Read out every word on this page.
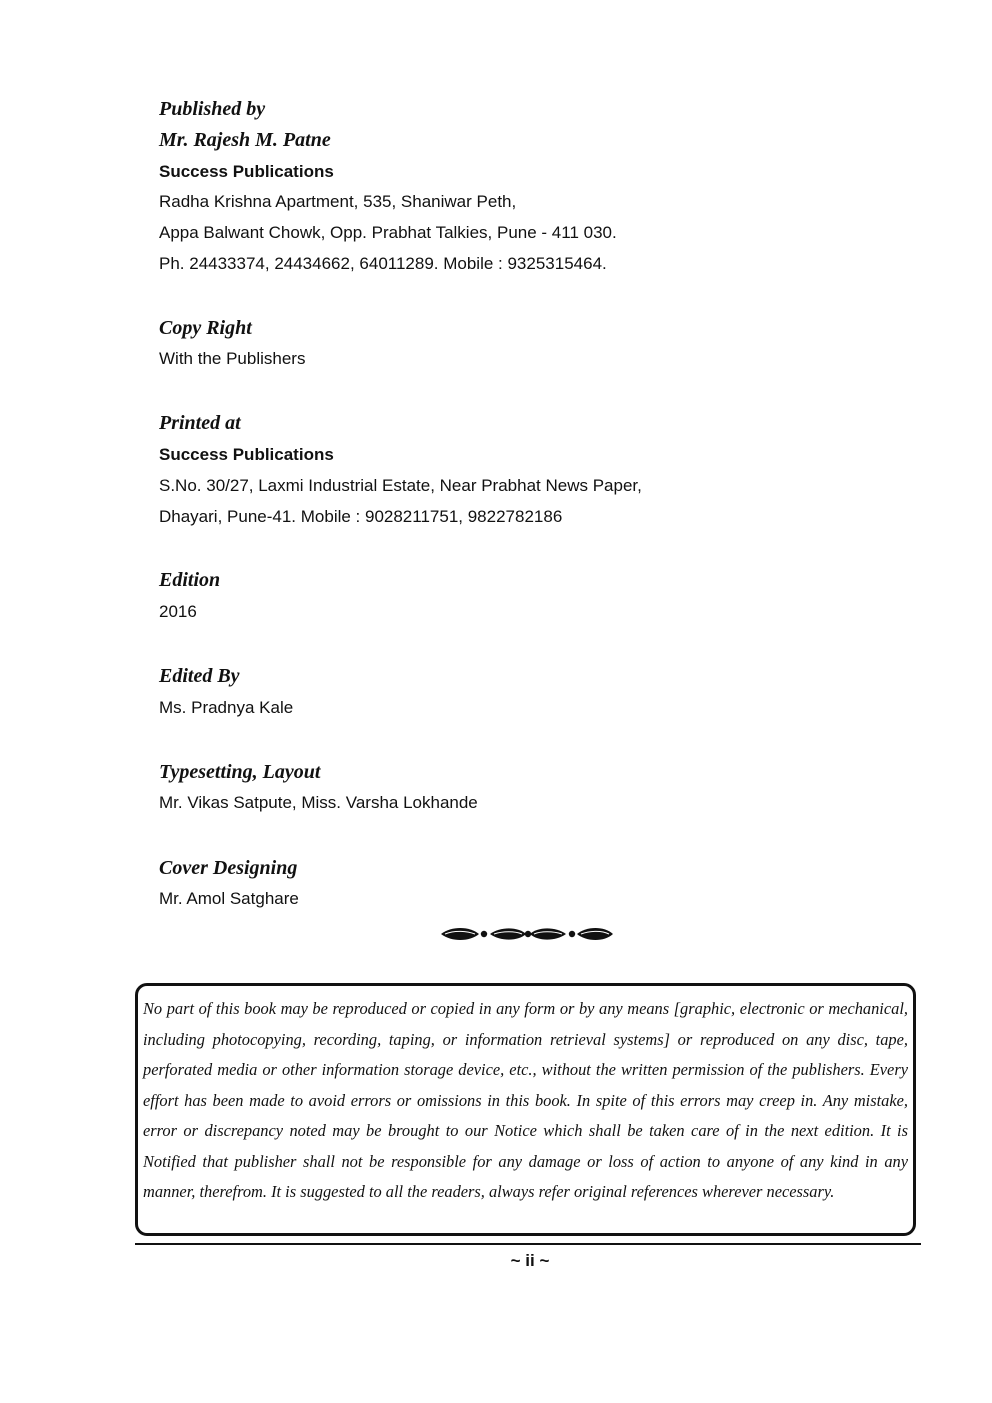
Published by
Mr. Rajesh M. Patne
Success Publications
Radha Krishna Apartment, 535, Shaniwar Peth,
Appa Balwant Chowk, Opp. Prabhat Talkies, Pune - 411 030.
Ph. 24433374, 24434662, 64011289. Mobile : 9325315464.
Copy Right
With the Publishers
Printed at
Success Publications
S.No. 30/27, Laxmi Industrial Estate, Near Prabhat News Paper,
Dhayari, Pune-41. Mobile : 9028211751, 9822782186
Edition
2016
Edited By
Ms. Pradnya Kale
Typesetting, Layout
Mr. Vikas Satpute, Miss. Varsha Lokhande
Cover Designing
Mr. Amol Satghare

No part of this book may be reproduced or copied in any form or by any means [graphic, electronic or mechanical, including photocopying, recording, taping, or information retrieval systems] or reproduced on any disc, tape, perforated media or other information storage device, etc., without the written permission of the publishers. Every effort has been made to avoid errors or omissions in this book. In spite of this errors may creep in. Any mistake, error or discrepancy noted may be brought to our Notice which shall be taken care of in the next edition. It is Notified that publisher shall not be responsible for any damage or loss of action to anyone of any kind in any manner, therefrom. It is suggested to all the readers, always refer original references wherever necessary.

~ ii ~
